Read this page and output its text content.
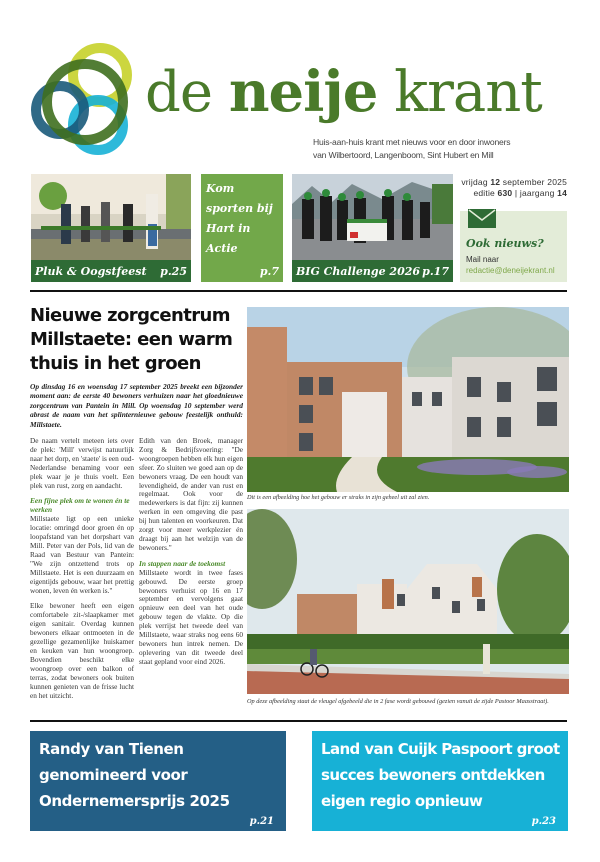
de neije krant
Huis-aan-huis krant met nieuws voor en door inwoners
van Wilbertoord, Langenboom, Sint Hubert en Mill
Pluk & Oogstfeest p.25
Kom sporten bij Hart in Actie
p.7 BIG Challenge 2026 p.17
vrijdag 12 september 2025
editie 630 | jaargang 14
Ook nieuws?
Mail naar
redactie@deneijekrant.nl
Nieuwe zorgcentrum Millstaete: een warm thuis in het groen
Op dinsdag 16 en woensdag 17 september 2025 breekt een bijzonder moment aan: de eerste 40 bewoners verhuizen naar het gloednieuwe zorgcentrum van Pantein in Mill. Op woensdag 10 september werd abrast de naam van het splinternieuwe gebouw feestelijk onthuld: Millstaete.

De naam vertelt meteen iets over de plek: 'Mill' verwijst natuurlijk naar het dorp, en 'staete' is een oud-Nederlandse benaming voor een plek waar je je thuis voelt. Een plek van rust, zorg en aandacht.

Een fijne plek om te wonen én te werken

Millstaete ligt op een unieke locatie: omringd door groen én op loopafstand van het dorpshart van Mill. Peter van der Pols, lid van de Raad van Bestuur van Pantein: "We zijn ontzettend trots op Millstaete. Het is een duurzaam en eigentijds gebouw, waar het prettig wonen, leven én werken is."

Elke bewoner heeft een eigen comfortabele zit-/slaapkamer met eigen sanitair. Overdag kunnen bewoners elkaar ontmoeten in de gezellige gezamenlijke huiskamer en keuken van hun woongroep. Bovendien beschikt elke woongroep over een balkon of terras, zodat bewoners ook buiten kunnen genieten van de frisse lucht en het uitzicht.

Edith van den Broek, manager Zorg & Bedrijfsvoering: "De woongroepen hebben elk hun eigen sfeer. Zo sluiten we goed aan op de bewoners vraag. De een houdt van levendigheid, de ander van rust en regelmaat. Ook voor de medewerkers is dat fijn: zij kunnen werken in een omgeving die past bij hun talenten en voorkeuren. Dat zorgt voor meer werkplezier én draagt bij aan het welzijn van de bewoners."

In stappen naar de toekomst

Millstaete wordt in twee fases gebouwd. De eerste groep bewoners verhuist op 16 en 17 september en vervolgens gaat opnieuw een deel van het oude gebouw tegen de vlakte. Op die plek verrijst het tweede deel van Millstaete, waar straks nog eens 60 bewoners hun intrek nemen. De oplevering van dit tweede deel staat gepland voor eind 2026.

Dit is een afbeelding hoe het gebouw er straks in zijn geheel uit zal zien.
Op deze afbeelding staat de vleugel afgebeeld die in 2 fase wordt gebouwd (gezien vanuit de zijde Pastoor Maasstraat).
Randy van Tienen genomineerd voor Ondernemersprijs 2025
p.21
Land van Cuijk Paspoort groot succes bewoners ontdekken eigen regio opnieuw
p.23
